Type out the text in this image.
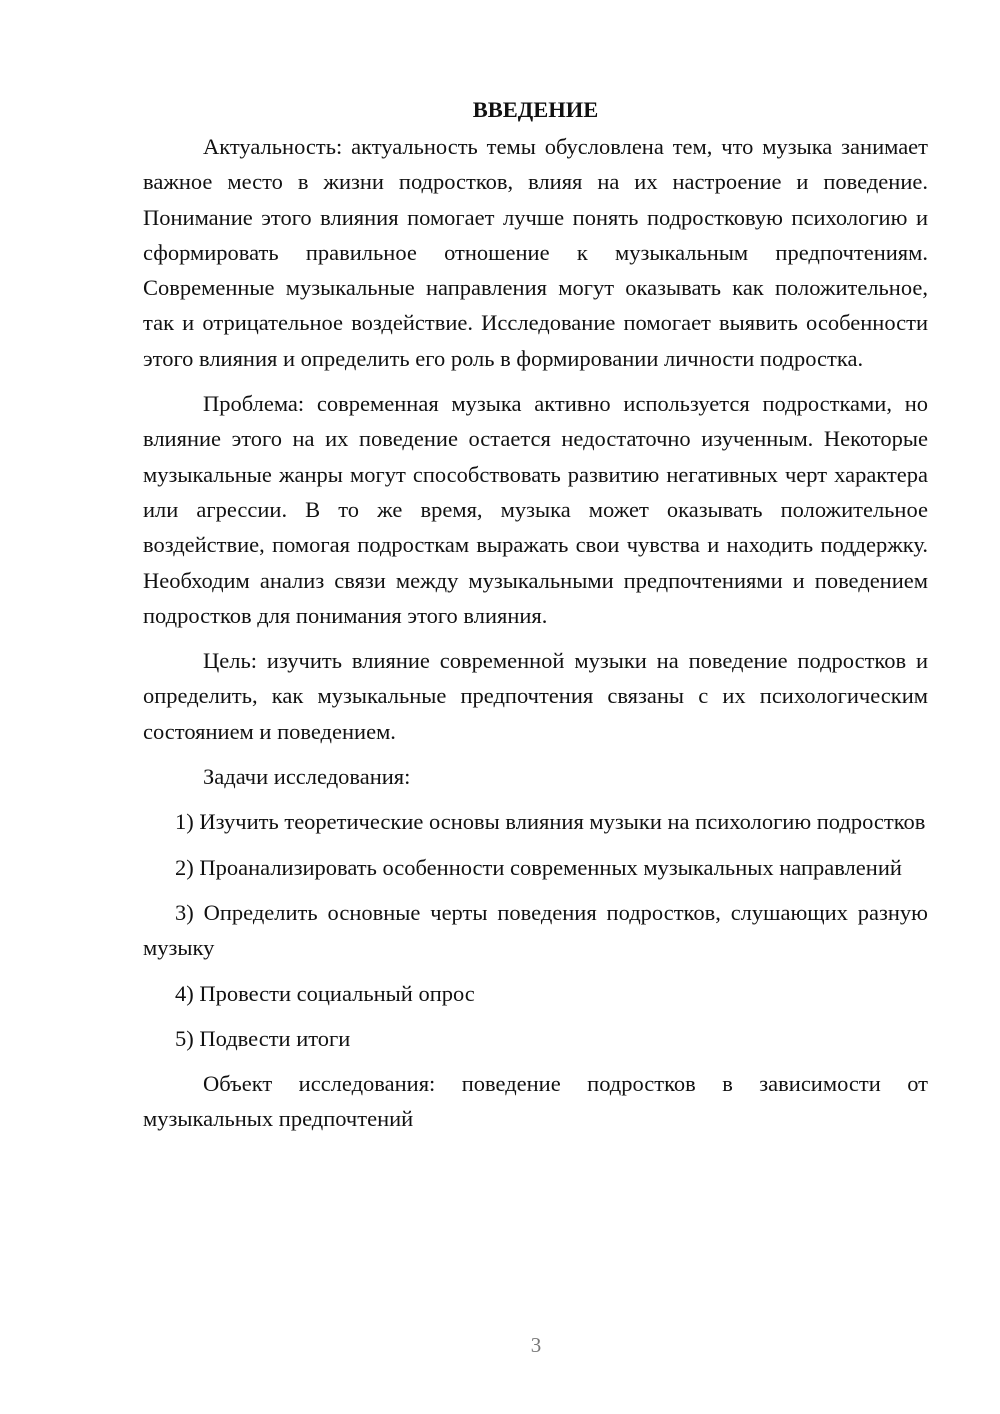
ВВЕДЕНИЕ

Актуальность: актуальность темы обусловлена тем, что музыка занимает важное место в жизни подростков, влияя на их настроение и поведение. Понимание этого влияния помогает лучше понять подростковую психологию и сформировать правильное отношение к музыкальным предпочтениям. Современные музыкальные направления могут оказывать как положительное, так и отрицательное воздействие. Исследование помогает выявить особенности этого влияния и определить его роль в формировании личности подростка.

Проблема: современная музыка активно используется подростками, но влияние этого на их поведение остается недостаточно изученным. Некоторые музыкальные жанры могут способствовать развитию негативных черт характера или агрессии. В то же время, музыка может оказывать положительное воздействие, помогая подросткам выражать свои чувства и находить поддержку. Необходим анализ связи между музыкальными предпочтениями и поведением подростков для понимания этого влияния.

Цель: изучить влияние современной музыки на поведение подростков и определить, как музыкальные предпочтения связаны с их психологическим состоянием и поведением.

Задачи исследования:

1) Изучить теоретические основы влияния музыки на психологию подростков

2) Проанализировать особенности современных музыкальных направлений

3) Определить основные черты поведения подростков, слушающих разную музыку

4) Провести социальный опрос

5) Подвести итоги

Объект исследования: поведение подростков в зависимости от музыкальных предпочтений

3
